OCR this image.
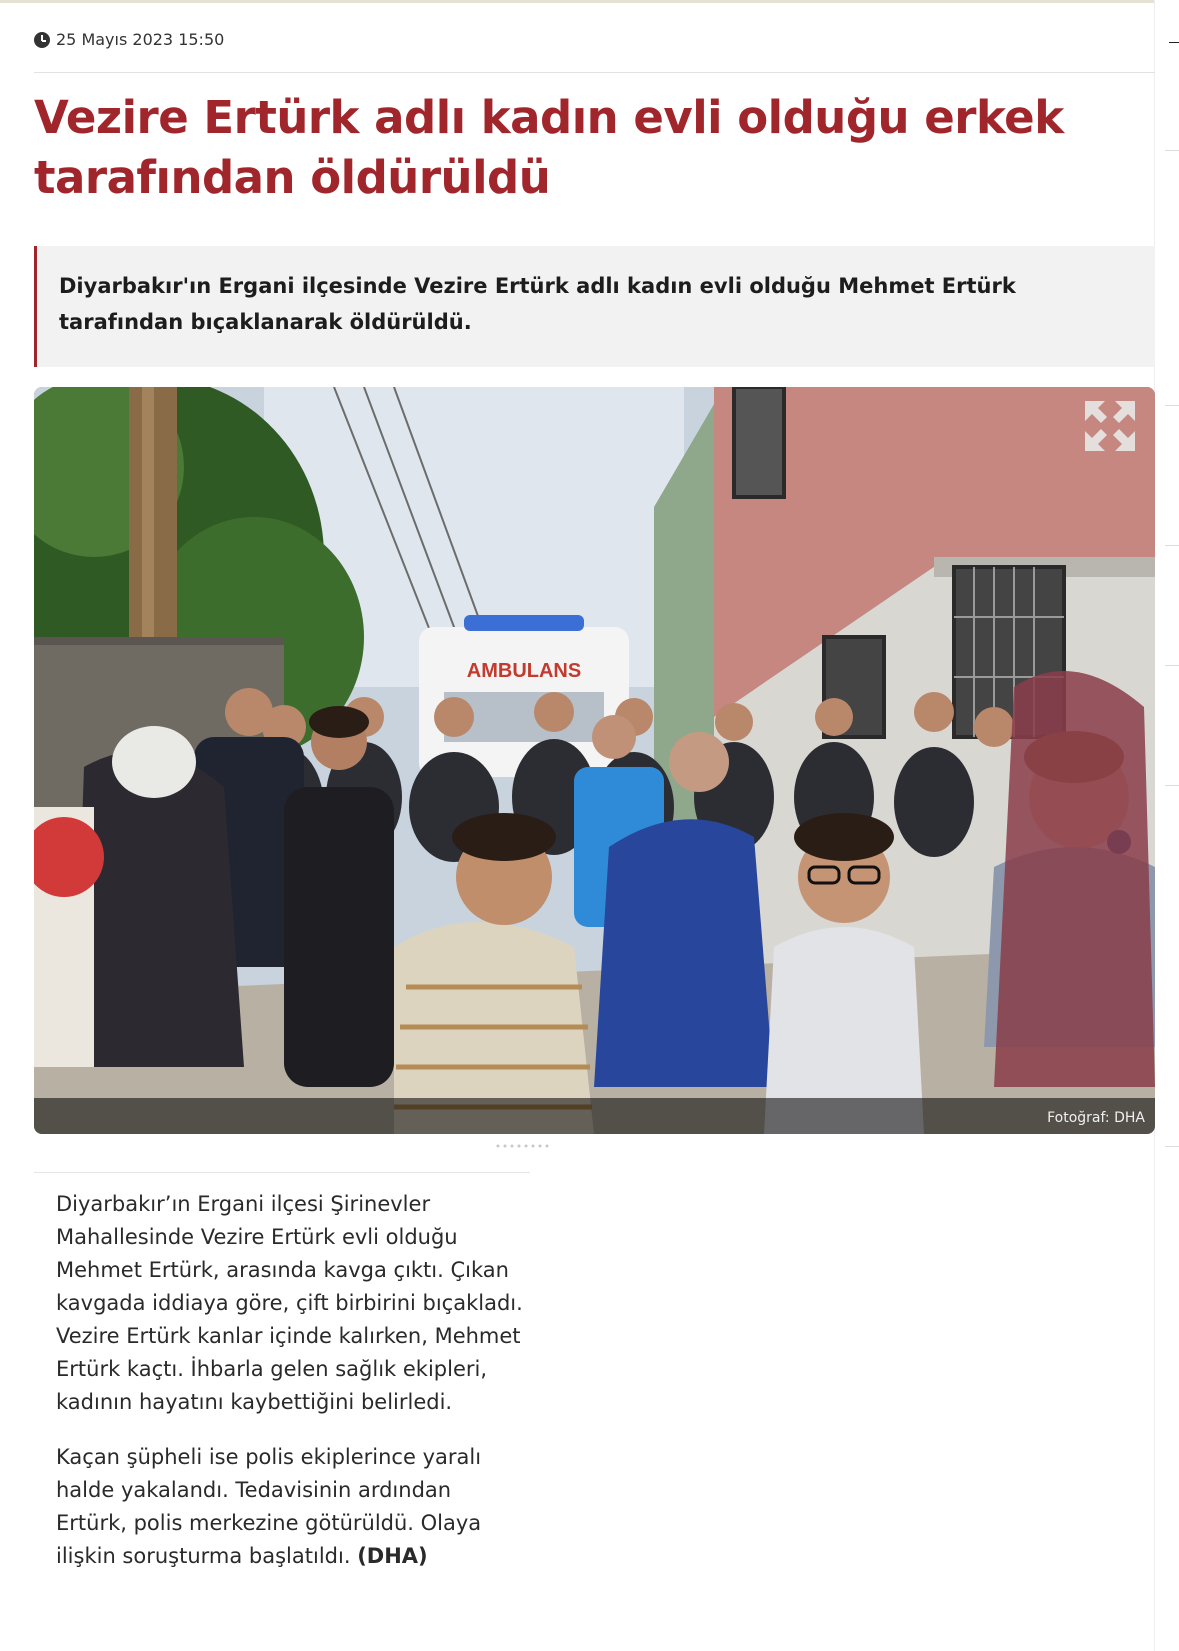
25 Mayıs 2023 15:50
Vezire Ertürk adlı kadın evli olduğu erkek tarafından öldürüldü

Diyarbakır'ın Ergani ilçesinde Vezire Ertürk adlı kadın evli olduğu Mehmet Ertürk tarafından bıçaklanarak öldürüldü.

AMBULANS
Fotoğraf: DHA

Diyarbakır’ın Ergani ilçesi Şirinevler Mahallesinde Vezire Ertürk evli olduğu Mehmet Ertürk, arasında kavga çıktı. Çıkan kavgada iddiaya göre, çift birbirini bıçakladı. Vezire Ertürk kanlar içinde kalırken, Mehmet Ertürk kaçtı. İhbarla gelen sağlık ekipleri, kadının hayatını kaybettiğini belirledi.

Kaçan şüpheli ise polis ekiplerince yaralı halde yakalandı. Tedavisinin ardından Ertürk, polis merkezine götürüldü. Olaya ilişkin soruşturma başlatıldı. (DHA)
